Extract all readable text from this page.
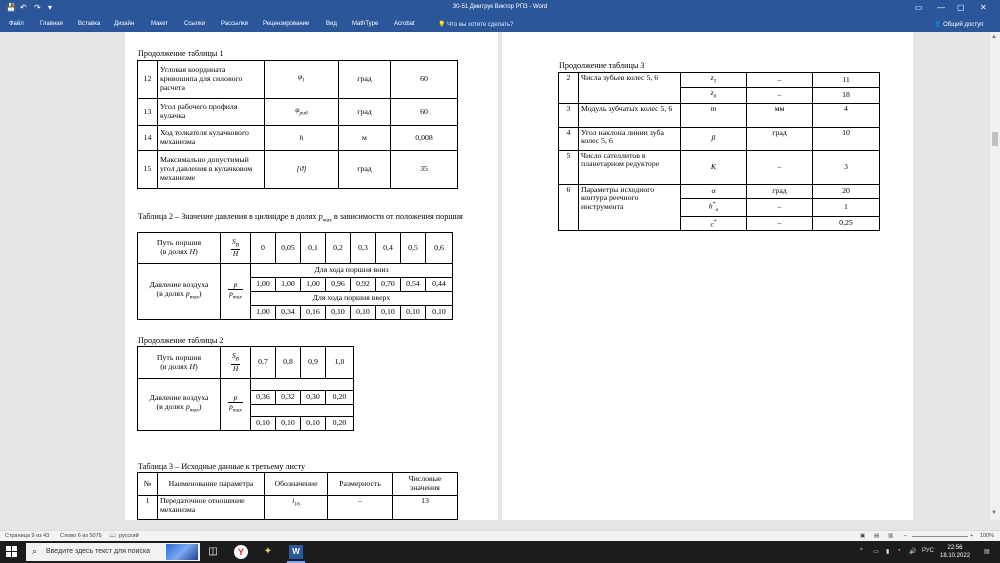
💾 ↶ ↷ ▾	30-51 Дмитрук Виктор РПЗ - Word	▭ — ▢ ✕
Файл	Главная	Вставка Дизайн	Макет	Ссылки	Рассылки	Рецензирование	Вид	MathType	Acrobat	💡 Что вы хотите сделать?	👤 Общий доступ
Продолжение таблицы 1
12	Угловая координата кривошипа для силового расчета	$\varphi_1$	град	60
13	Угол рабочего профиля кулачка	$\varphi_{раб}$	град	60
14	Ход толкателя кулачкового механизма	h	м	0,008
15	Максимально допустимый угол давления в кулачковом механизме	[ϑ]	град	35
Таблица 2 – Значение давления в цилиндре в долях $p_{max}$ в зависимости от положения поршня
Путь поршня
(в долях H)	$\frac{S_B}{H}$	0	0,05	0,1	0,2	0,3	0,4	0,5	0,6
Давление воздуха
(в долях $p_{max}$)	p
$p_{max}$	Для хода поршня вниз							
		1,00	1,00	1,00	0,96	0,92	0,70	0,54	0,44
		Для хода поршня вверх							
		1,00	0,34	0,16	0,10	0,10	0,10	0,10	0,10
Продолжение таблицы 2
Путь поршня
(в долях H)	$\frac{S_B}{H}$	0,7	0,8	0,9	1,0
Давление воздуха
(в долях $p_{max}$)	p
$p_{max}$

		0,36	0,32	0,30	0,20

		0,10	0,10	0,10	0,20
Таблица 3 – Исходные данные к третьему листу
№	Наименование параметра	Обозначение	Размерность	Числовые значения
1	Передаточное отношение механизма	$i_{16}$	–	13
Продолжение таблицы 3
2	Числа зубьев колес 5, 6	$z_5$	–	11
		$z_6$	–	18
3	Модуль зубчатых колес 5, 6	m	мм	4
4	Угол наклона линии зуба колес 5, 6	β	град	10
5	Число сателлитов в планетарном редукторе	K	–	3
6	Параметры исходного контура реечного инструмента	α	град	20
		$h^*_a$	–	1
		c*	–	0,25
▲
▼
Страница 9 из 43 Слово 6 из 5075 📖 русский	▣ ▤ ▥ –	+ 100%
⌕ Введите здесь текст для поиска	◫	Y	✦	W	^ ▭ ▮ ◔ 🔊 РУС	22:56
18.10.2022
▤
